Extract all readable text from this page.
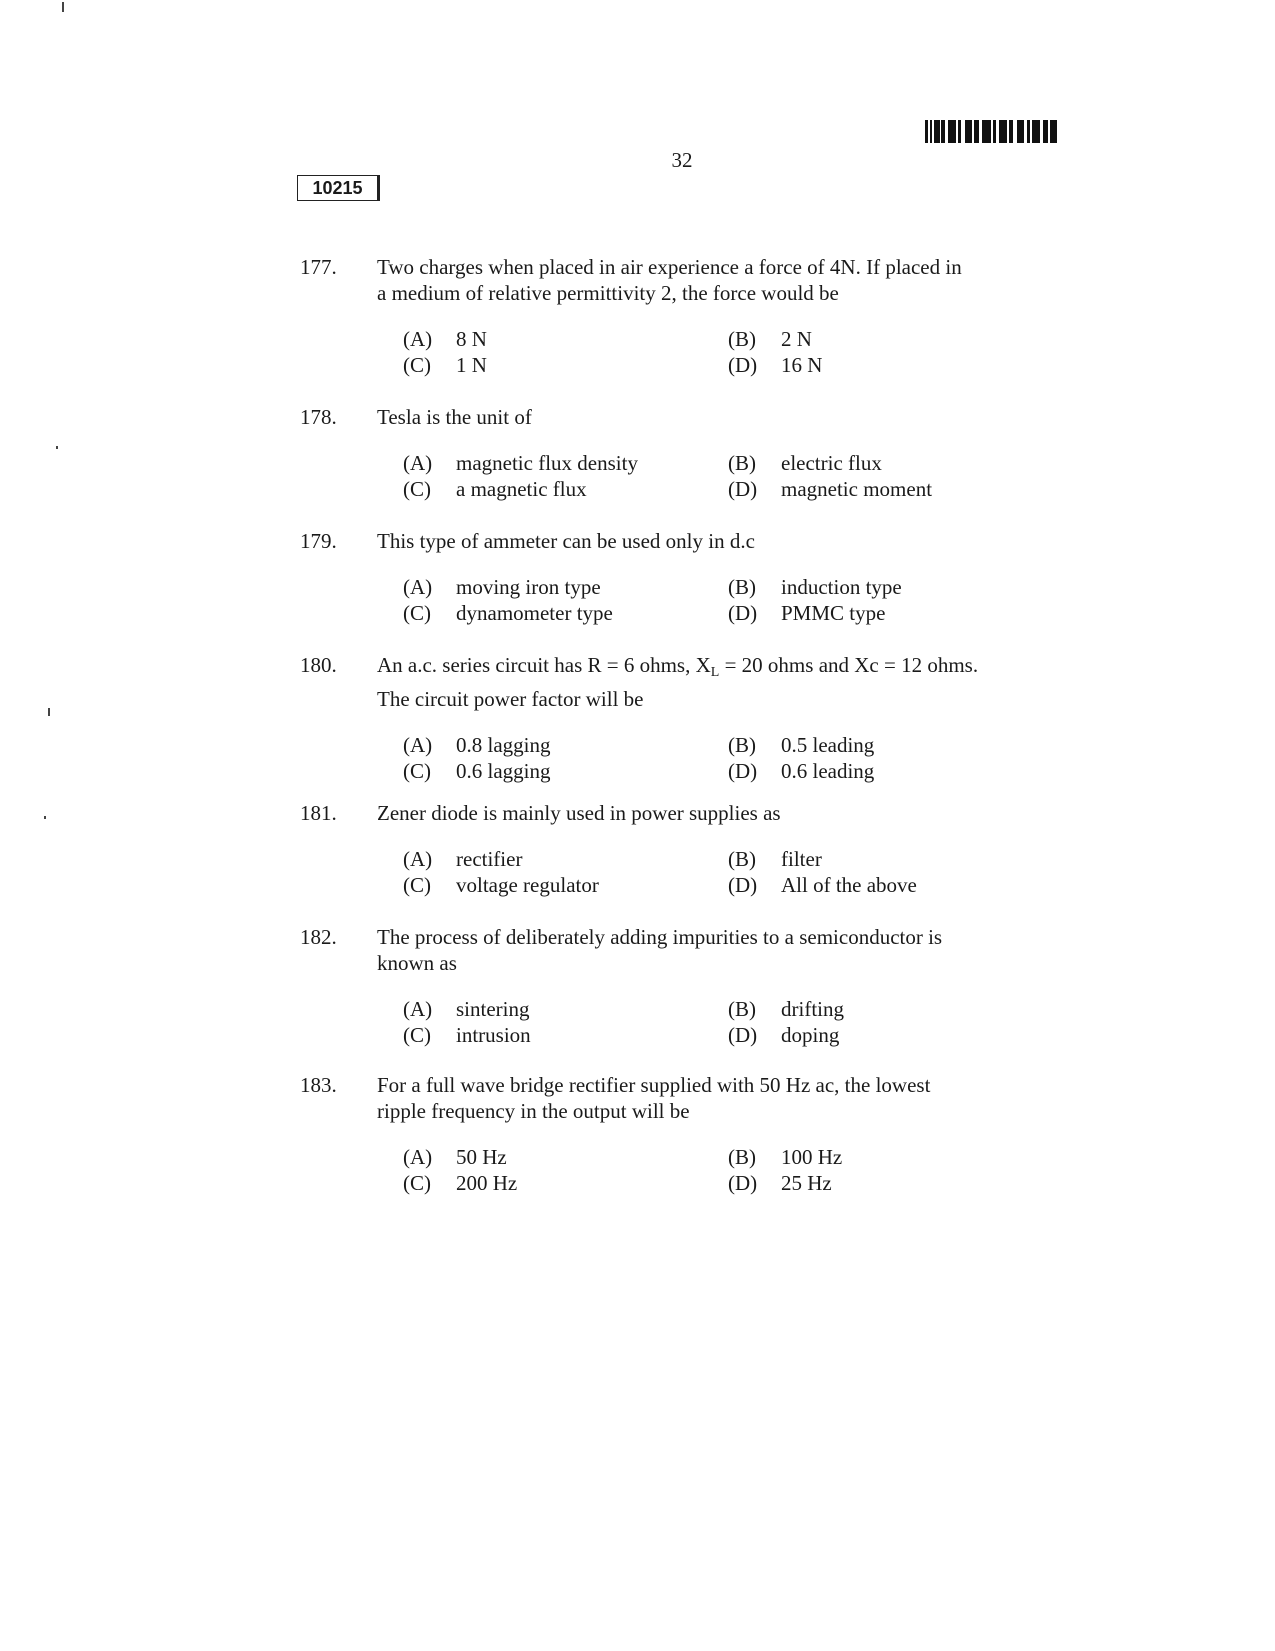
32
10215
177.	Two charges when placed in air experience a force of 4N. If placed in
a medium of relative permittivity 2, the force would be
(A)	8 N	(B)	2 N
(C)	1 N	(D)	16 N
178.	Tesla is the unit of
(A)	magnetic flux density	(B)	electric flux
(C)	a magnetic flux	(D)	magnetic moment
179.	This type of ammeter can be used only in d.c
(A)	moving iron type	(B)	induction type
(C)	dynamometer type	(D)	PMMC type
180.	An a.c. series circuit has R = 6 ohms, $X_L = 20$ ohms and Xc = 12 ohms.
The circuit power factor will be
(A)	0.8 lagging	(B)	0.5 leading
(C)	0.6 lagging	(D)	0.6 leading
181.	Zener diode is mainly used in power supplies as
(A)	rectifier	(B)	filter
(C)	voltage regulator	(D)	All of the above
182.	The process of deliberately adding impurities to a semiconductor is
known as
(A)	sintering	(B)	drifting
(C)	intrusion	(D)	doping
183.	For a full wave bridge rectifier supplied with 50 Hz ac, the lowest
ripple frequency in the output will be
(A)	50 Hz	(B)	100 Hz
(C)	200 Hz	(D)	25 Hz
